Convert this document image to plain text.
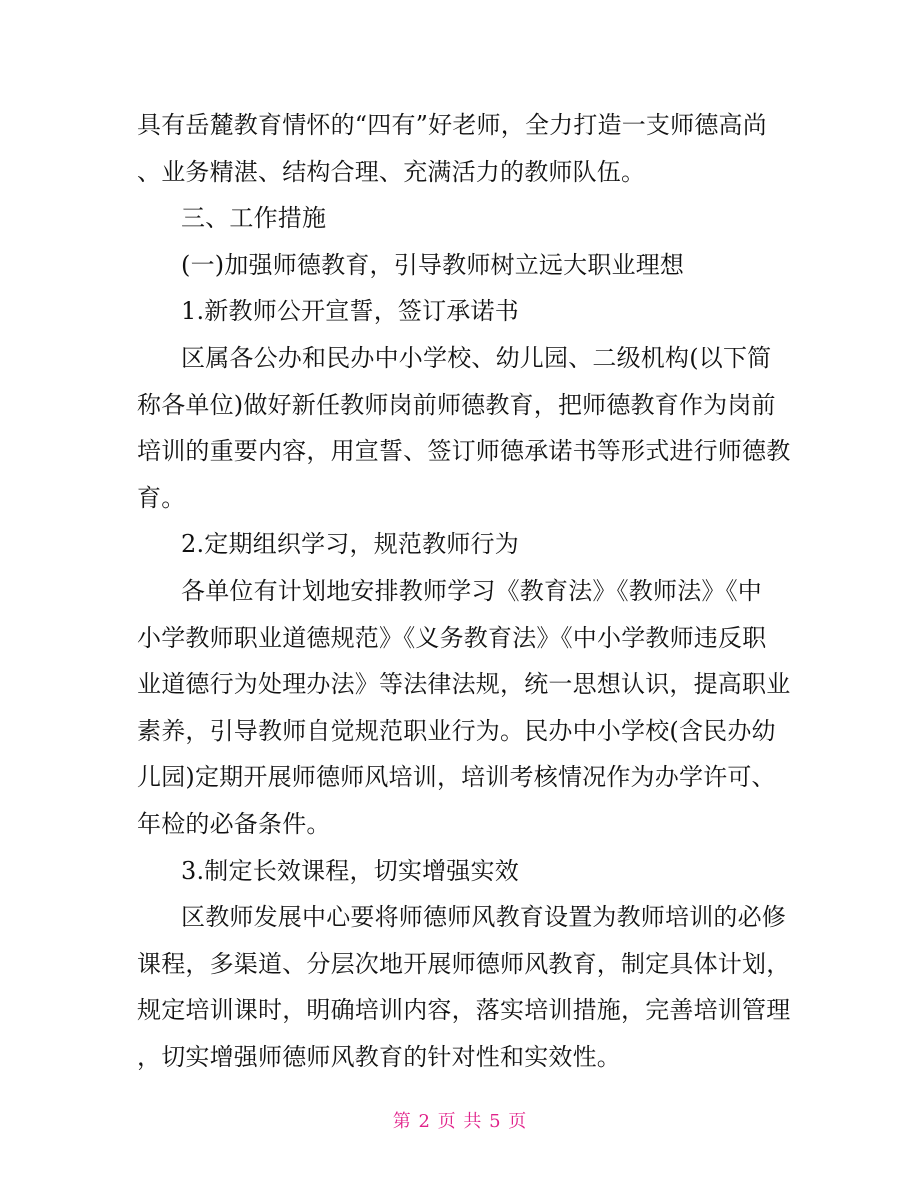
具有岳麓教育情怀的“四有”好老师，全力打造一支师德高尚
、业务精湛、结构合理、充满活力的教师队伍。
三、工作措施
(一)加强师德教育，引导教师树立远大职业理想
1.新教师公开宣誓，签订承诺书
区属各公办和民办中小学校、幼儿园、二级机构(以下简
称各单位)做好新任教师岗前师德教育，把师德教育作为岗前
培训的重要内容，用宣誓、签订师德承诺书等形式进行师德教
育。
2.定期组织学习，规范教师行为
各单位有计划地安排教师学习《教育法》《教师法》《中
小学教师职业道德规范》《义务教育法》《中小学教师违反职
业道德行为处理办法》等法律法规，统一思想认识，提高职业
素养，引导教师自觉规范职业行为。民办中小学校(含民办幼
儿园)定期开展师德师风培训，培训考核情况作为办学许可、
年检的必备条件。
3.制定长效课程，切实增强实效
区教师发展中心要将师德师风教育设置为教师培训的必修
课程，多渠道、分层次地开展师德师风教育，制定具体计划，
规定培训课时，明确培训内容，落实培训措施，完善培训管理
，切实增强师德师风教育的针对性和实效性。
第 2 页 共 5 页
